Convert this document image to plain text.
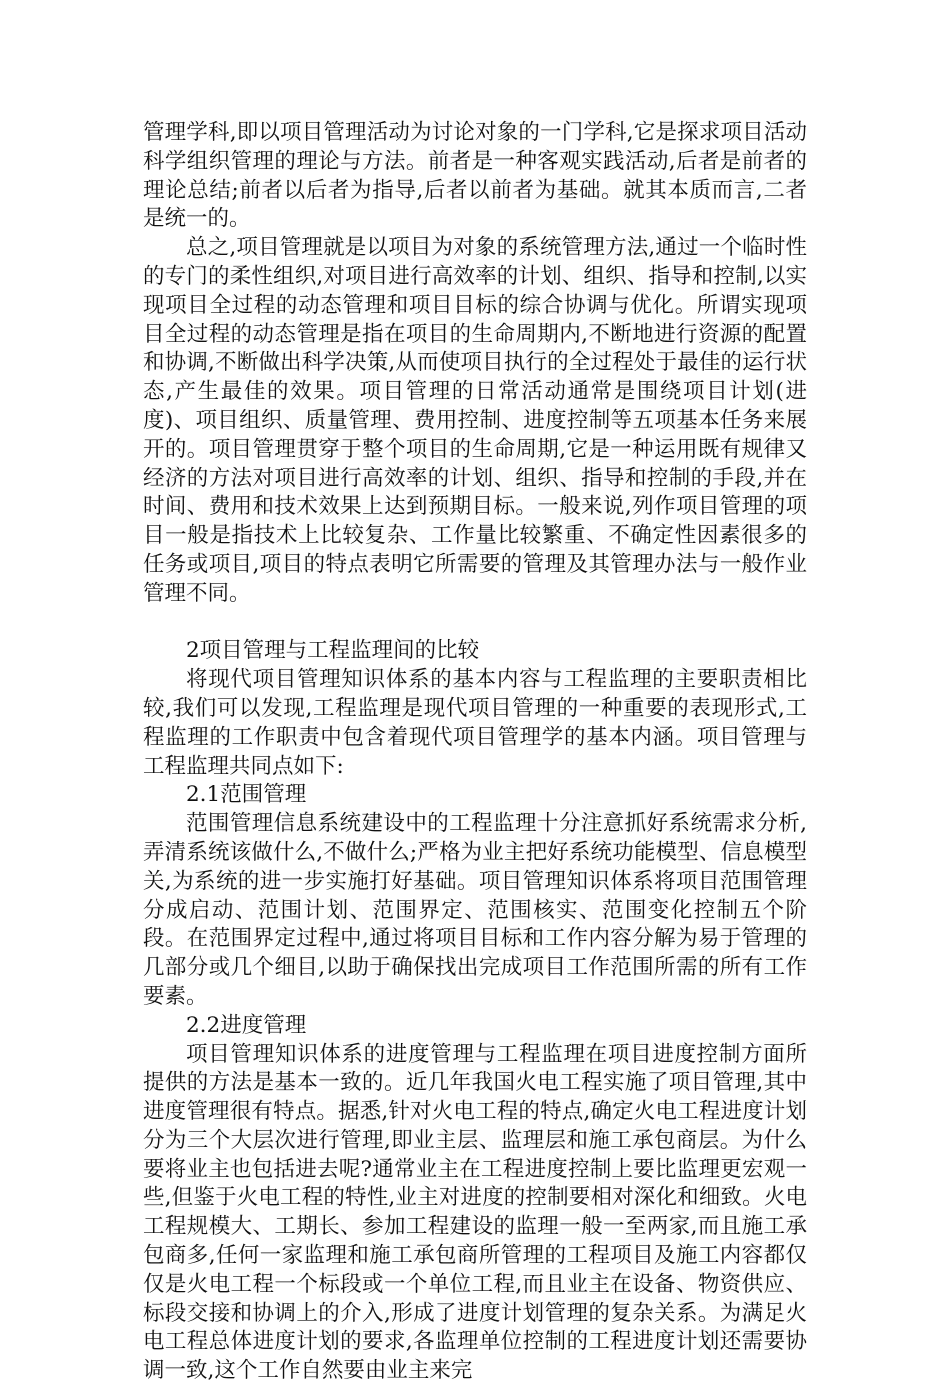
管理学科,即以项目管理活动为讨论对象的一门学科,它是探求项目活动科学组织管理的理论与方法。前者是一种客观实践活动,后者是前者的理论总结;前者以后者为指导,后者以前者为基础。就其本质而言,二者是统一的。

总之,项目管理就是以项目为对象的系统管理方法,通过一个临时性的专门的柔性组织,对项目进行高效率的计划、组织、指导和控制,以实现项目全过程的动态管理和项目目标的综合协调与优化。所谓实现项目全过程的动态管理是指在项目的生命周期内,不断地进行资源的配置和协调,不断做出科学决策,从而使项目执行的全过程处于最佳的运行状态,产生最佳的效果。项目管理的日常活动通常是围绕项目计划(进度)、项目组织、质量管理、费用控制、进度控制等五项基本任务来展开的。项目管理贯穿于整个项目的生命周期,它是一种运用既有规律又经济的方法对项目进行高效率的计划、组织、指导和控制的手段,并在时间、费用和技术效果上达到预期目标。一般来说,列作项目管理的项目一般是指技术上比较复杂、工作量比较繁重、不确定性因素很多的任务或项目,项目的特点表明它所需要的管理及其管理办法与一般作业管理不同。

2项目管理与工程监理间的比较

将现代项目管理知识体系的基本内容与工程监理的主要职责相比较,我们可以发现,工程监理是现代项目管理的一种重要的表现形式,工程监理的工作职责中包含着现代项目管理学的基本内涵。项目管理与工程监理共同点如下:

2.1范围管理

范围管理信息系统建设中的工程监理十分注意抓好系统需求分析,弄清系统该做什么,不做什么;严格为业主把好系统功能模型、信息模型关,为系统的进一步实施打好基础。项目管理知识体系将项目范围管理分成启动、范围计划、范围界定、范围核实、范围变化控制五个阶段。在范围界定过程中,通过将项目目标和工作内容分解为易于管理的几部分或几个细目,以助于确保找出完成项目工作范围所需的所有工作要素。

2.2进度管理

项目管理知识体系的进度管理与工程监理在项目进度控制方面所提供的方法是基本一致的。近几年我国火电工程实施了项目管理,其中进度管理很有特点。据悉,针对火电工程的特点,确定火电工程进度计划分为三个大层次进行管理,即业主层、监理层和施工承包商层。为什么要将业主也包括进去呢?通常业主在工程进度控制上要比监理更宏观一些,但鉴于火电工程的特性,业主对进度的控制要相对深化和细致。火电工程规模大、工期长、参加工程建设的监理一般一至两家,而且施工承包商多,任何一家监理和施工承包商所管理的工程项目及施工内容都仅仅是火电工程一个标段或一个单位工程,而且业主在设备、物资供应、标段交接和协调上的介入,形成了进度计划管理的复杂关系。为满足火电工程总体进度计划的要求,各监理单位控制的工程进度计划还需要协调一致,这个工作自然要由业主来完
